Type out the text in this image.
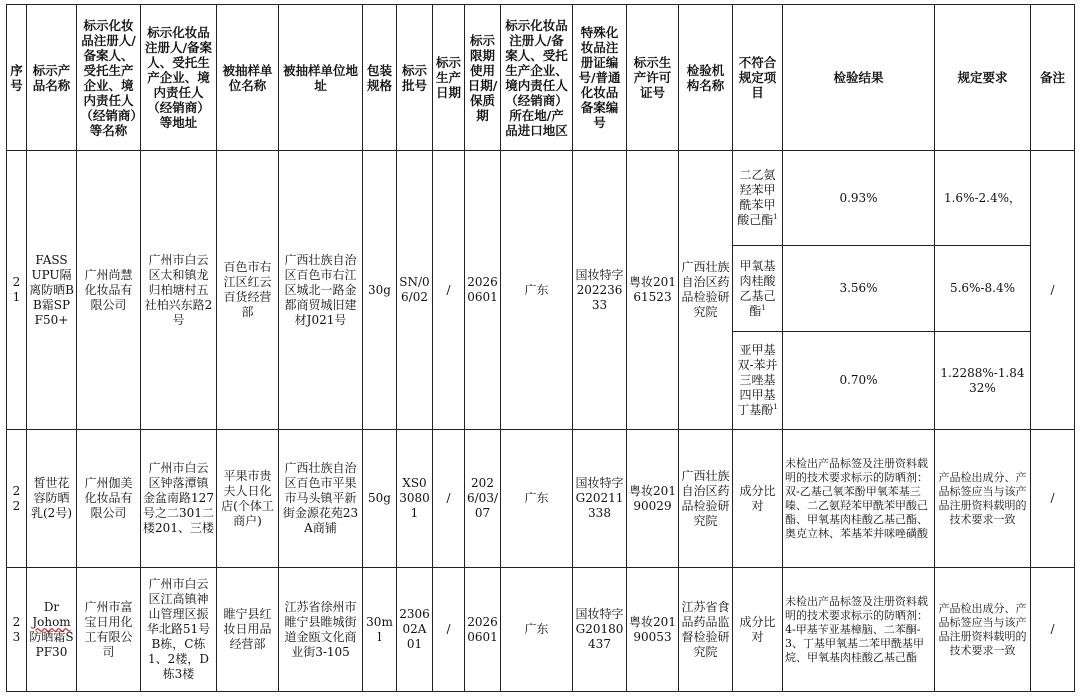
序号	标示产品名称	标示化妆品注册人/备案人、受托生产企业、境内责任人（经销商）等名称	标示化妆品注册人/备案人、受托生产企业、境内责任人（经销商）等地址	被抽样单位名称	被抽样单位地址	包装规格	标示批号	标示生产日期	标示限期使用日期/保质期	标示化妆品注册人/备案人、受托生产企业、境内责任人（经销商）所在地/产品进口地区	特殊化妆品注册证编号/普通化妆品备案编号	标示生产许可证号	检验机构名称	不符合规定项目	检验结果	规定要求	备注
21	FASS UPU隔离防晒BB霜SPF50+	广州尚慧化妆品有限公司	广州市白云区太和镇龙归柏塘村五社柏兴东路2号	百色市右江区红云百货经营部	广西壮族自治区百色市右江区城北一路金都商贸城旧建材J021号	30g	SN/06/02	/	20260601	广东	国妆特字20223633	粤妆20161523	广西壮族自治区药品检验研究院	二乙氨羟苯甲酰苯甲酸己酯$^1$	0.93%	1.6%-2.4%，	/
														甲氧基肉桂酸乙基己酯$^1$	3.56%	5.6%-8.4%	
														亚甲基双-苯并三唑基四甲基丁基酚$^1$	0.70%	1.2288%-1.8432%	
22	皙世花容防晒乳(2号)	广州伽美化妆品有限公司	广州市白云区钟落潭镇金盆南路127号之二301二楼201、三楼	平果市贵夫人日化店(个体工商户)	广西壮族自治区百色市平果市马头镇平新街金源花苑23A商铺	50g	XS030801	/	2026/03/07	广东	国妆特字G20211338	粤妆20190029	广西壮族自治区药品检验研究院	成分比对	未检出产品标签及注册资料载明的技术要求标示的防晒剂：双-乙基己氧苯酚甲氧苯基三嗪、二乙氨羟苯甲酰苯甲酸己酯、甲氧基肉桂酸乙基己酯、奥克立林、苯基苯并咪唑磺酸	产品检出成分、产品标签应当与该产品注册资料载明的技术要求一致	/
23	Dr
Johom
防晒霜SPF30	广州市富宝日用化工有限公司	广州市白云区江高镇神山管理区振华北路51号B栋，C栋1、2楼，D栋3楼	睢宁县红妆日用品经营部	江苏省徐州市睢宁县睢城街道金瓯文化商业街3-105	30ml	230602A01	/	20260601	广东	国妆特字G20180437	粤妆20190053	江苏省食品药品监督检验研究院	成分比对	未检出产品标签及注册资料载明的技术要求标示的防晒剂：4-甲基苄亚基樟脑、二苯酮-3、丁基甲氧基二苯甲酰基甲烷、甲氧基肉桂酸乙基己酯	产品检出成分、产品标签应当与该产品注册资料载明的技术要求一致	/
